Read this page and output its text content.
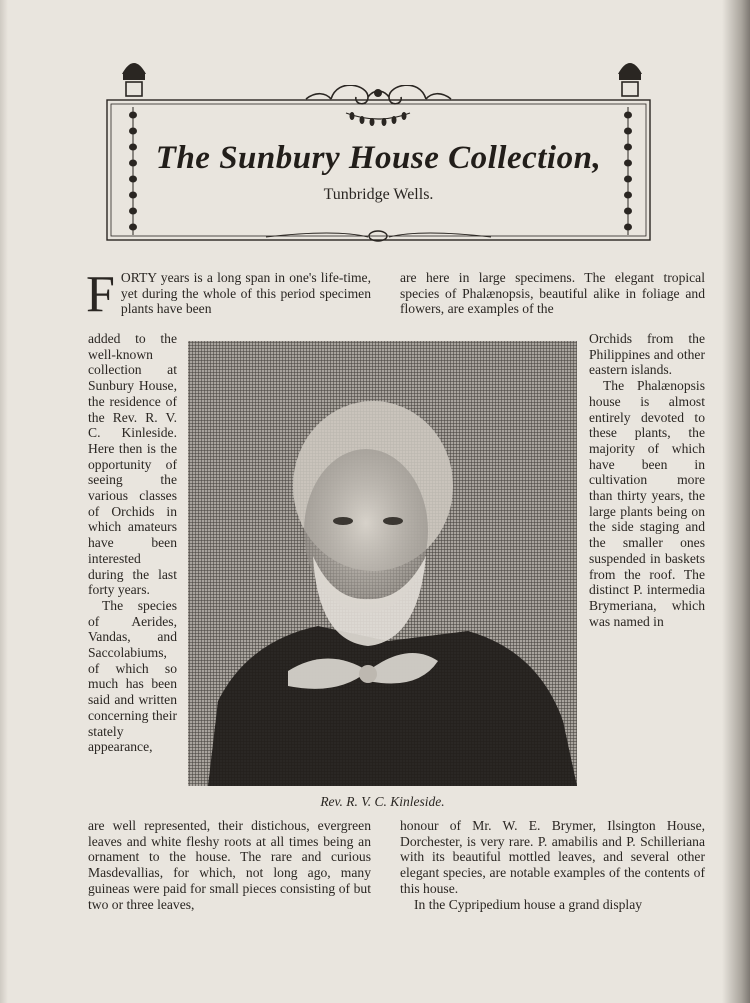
The Sunbury House Collection,
Tunbridge Wells.

FORTY years is a long span in one's life-time, yet during the whole of this period specimen plants have been

added to the well-known collection at Sunbury House, the residence of the Rev. R. V. C. Kinleside. Here then is the opportunity of seeing the various classes of Orchids in which amateurs have been interested during the last forty years.

The species of Aerides, Vandas, and Saccolabiums, of which so much has been said and written concerning their stately appearance,

are well represented, their distichous, evergreen leaves and white fleshy roots at all times being an ornament to the house. The rare and curious Masdevallias, for which, not long ago, many guineas were paid for small pieces consisting of but two or three leaves,

are here in large specimens. The elegant tropical species of Phalænopsis, beautiful alike in foliage and flowers, are examples of the

Orchids from the Philippines and other eastern islands.

The Phalænopsis house is almost entirely devoted to these plants, the majority of which have been in cultivation more than thirty years, the large plants being on the side staging and the smaller ones suspended in baskets from the roof. The distinct P. intermedia Brymeriana, which was named in

honour of Mr. W. E. Brymer, Ilsington House, Dorchester, is very rare. P. amabilis and P. Schilleriana with its beautiful mottled leaves, and several other elegant species, are notable examples of the contents of this house.

In the Cypripedium house a grand display

Rev. R. V. C. Kinleside.
